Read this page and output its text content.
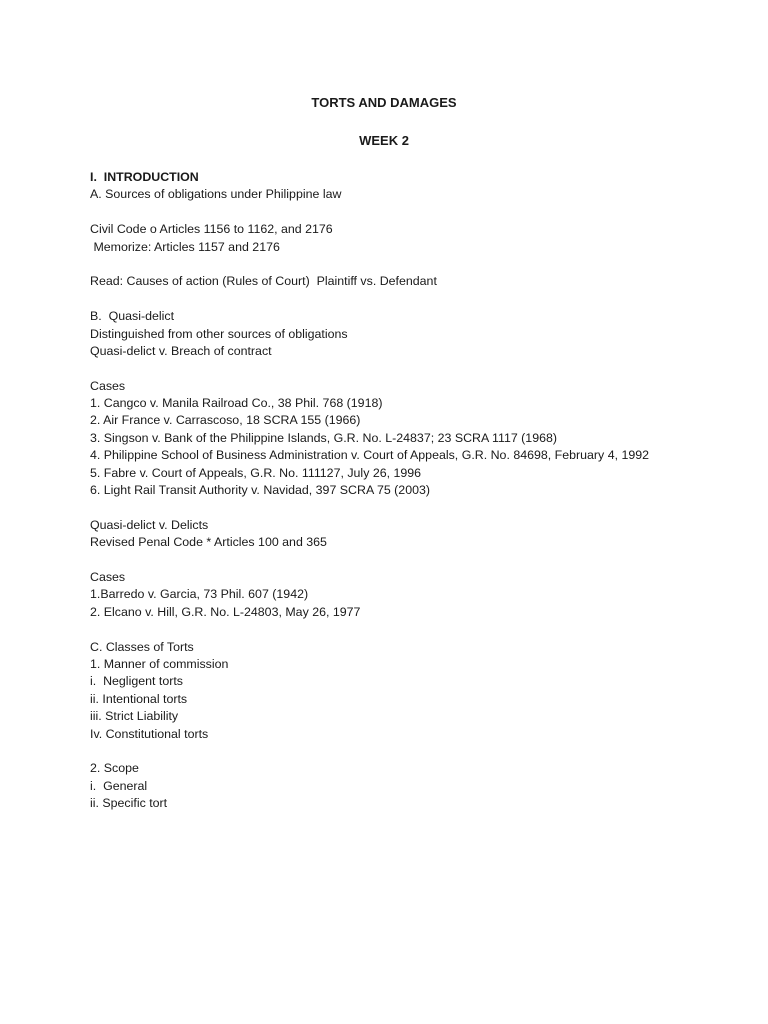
TORTS AND DAMAGES
WEEK 2
I.  INTRODUCTION
A. Sources of obligations under Philippine law
Civil Code o Articles 1156 to 1162, and 2176
Memorize: Articles 1157 and 2176
Read: Causes of action (Rules of Court)  Plaintiff vs. Defendant
B.  Quasi-delict
Distinguished from other sources of obligations
Quasi-delict v. Breach of contract
Cases
1. Cangco v. Manila Railroad Co., 38 Phil. 768 (1918)
2. Air France v. Carrascoso, 18 SCRA 155 (1966)
3. Singson v. Bank of the Philippine Islands, G.R. No. L-24837; 23 SCRA 1117 (1968)
4. Philippine School of Business Administration v. Court of Appeals, G.R. No. 84698, February 4, 1992
5. Fabre v. Court of Appeals, G.R. No. 111127, July 26, 1996
6. Light Rail Transit Authority v. Navidad, 397 SCRA 75 (2003)
Quasi-delict v. Delicts
Revised Penal Code * Articles 100 and 365
Cases
1.Barredo v. Garcia, 73 Phil. 607 (1942)
2. Elcano v. Hill, G.R. No. L-24803, May 26, 1977
C. Classes of Torts
1. Manner of commission
i.  Negligent torts
ii. Intentional torts
iii. Strict Liability
Iv. Constitutional torts
2. Scope
i.  General
ii. Specific tort
